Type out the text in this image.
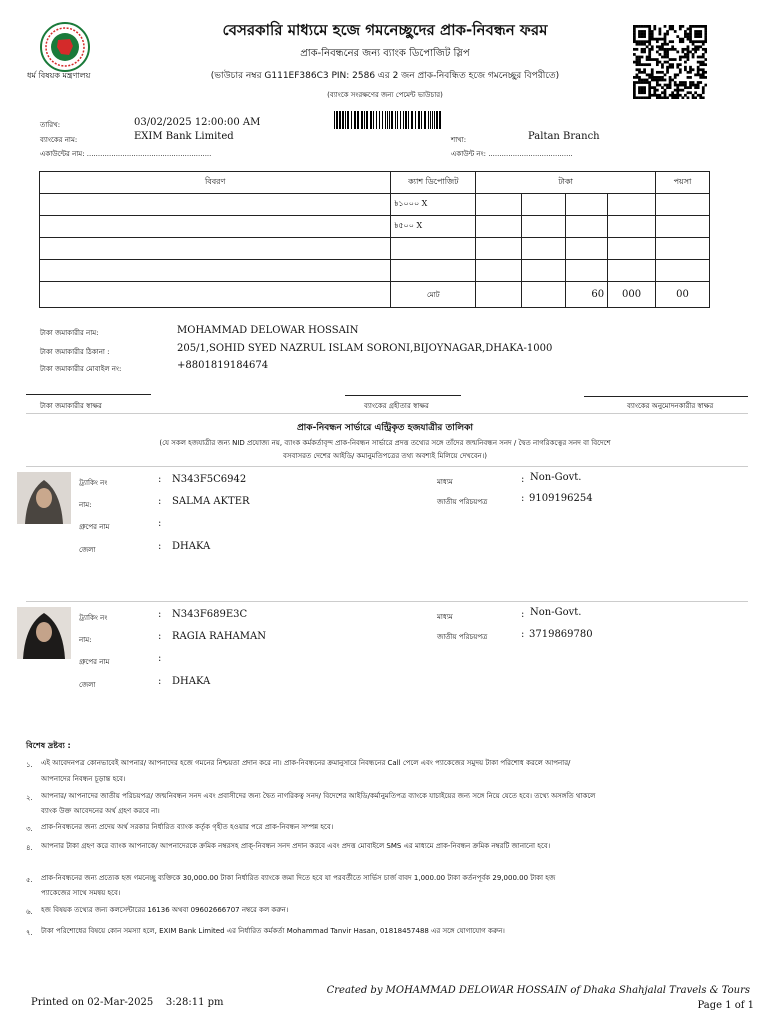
ধর্ম বিষয়ক মন্ত্রণালয়
বেসরকারি মাধ্যমে হজে গমনেচ্ছুদের প্রাক-নিবন্ধন ফরম
প্রাক-নিবন্ধনের জন্য ব্যাংক ডিপোজিট স্লিপ
(ভাউচার নম্বর G111EF386C3 PIN: 2586 এর 2 জন প্রাক-নিবন্ধিত হজে গমনেচ্ছুর বিপরীতে)
(ব্যাংকে সংরক্ষণের জন্য পেমেন্ট ভাউচার)
তারিখ:	03/02/2025 12:00:00 AM
ব্যাংকের নাম:	EXIM Bank Limited	শাখা:	Paltan Branch
একাউন্টের নাম: ........................................................	একাউন্ট নং: ......................................
বিবরণ	ক্যাশ ডিপোজিট	টাকা				পয়সা
	৳১০০০ X					
	৳৫০০ X					

	মোট			60	000	00
টাকা জমাকারীর নাম:	MOHAMMAD DELOWAR HOSSAIN
টাকা জমাকারীর ঠিকানা :	205/1,SOHID SYED NAZRUL ISLAM SORONI,BIJOYNAGAR,DHAKA-1000
টাকা জমাকারীর মোবাইল নং:	+8801819184674
টাকা জমাকারীর স্বাক্ষর	ব্যাংকের গ্রহীতার স্বাক্ষর	ব্যাংকের অনুমোদনকারীর স্বাক্ষর
প্রাক-নিবন্ধন সার্ভারে এন্ট্রিকৃত হজযাত্রীর তালিকা
(যে সকল হজযাত্রীর জন্য NID প্রযোজ্য নয়, ব্যাংক কর্মকর্তাবৃন্দ প্রাক-নিবন্ধন সার্ভারে প্রদত্ত তথ্যের সঙ্গে তাঁদের জন্মনিবন্ধন সনদ / দ্বৈত নাগরিকত্বের সনদ বা বিদেশে
বসবাসরত দেশের আইডি/ কমানুমতিপত্রের তথ্য অবশ্যই মিলিয়ে দেখবেন।)
ট্র্যাকিং নং	: N343F5C6942
নাম:	: SALMA AKTER
গ্রুপের নাম	:
জেলা	: DHAKA
মাধ্যম	: Non-Govt.
জাতীয় পরিচয়পত্র	: 9109196254
ট্র্যাকিং নং	: N343F689E3C
নাম:	: RAGIA RAHAMAN
গ্রুপের নাম	:
জেলা	: DHAKA
মাধ্যম	: Non-Govt.
জাতীয় পরিচয়পত্র	: 3719869780
বিশেষ দ্রষ্টব্য :
১. এই আবেদনপত্র কোনভাবেই আপনার/ আপনাদের হজে গমনের নিশ্চয়তা প্রদান করে না। প্রাক-নিবন্ধনের ক্রমানুসারে নিবন্ধনের Call পেলে এবং প্যাকেজের সমুদয় টাকা পরিশোধ করলে আপনার/
আপনাদের নিবন্ধন চূড়ান্ত হবে।
২. আপনার/ আপনাদের জাতীয় পরিচয়পত্র/ জন্মনিবন্ধন সনদ এবং প্রবাসীদের জন্য দ্বৈত নাগরিকত্ব সনদ/ বিদেশের আইডি/কর্মানুমতিপত্র ব্যাংকে যাচাইয়ের জন্য সঙ্গে নিয়ে যেতে হবে। তথ্যে অসঙ্গতি থাকলে
ব্যাংক উক্ত আবেদনের অর্থ গ্রহণ করবে না।
৩. প্রাক-নিবন্ধনের জন্য প্রদেয় অর্থ সরকার নির্ধারিত ব্যাংক কর্তৃক গৃহীত হওয়ার পরে প্রাক-নিবন্ধন সম্পন্ন হবে।
৪. আপনার টাকা গ্রহণ করে ব্যাংক আপনাকে/ আপনাদেরকে ক্রমিক নম্বরসহ প্রাক্-নিবন্ধন সনদ প্রদান করবে এবং প্রদত্ত মোবাইলে SMS এর মাধ্যমে প্রাক-নিবন্ধন ক্রমিক নম্বরটি জানানো হবে।
৫. প্রাক-নিবন্ধনের জন্য প্রত্যেক হজ গমনেচ্ছু ব্যক্তিকে 30,000.00 টাকা নির্ধারিত ব্যাংকে জমা দিতে হবে যা পরবর্তীতে সার্ভিস চার্জ বাবদ 1,000.00 টাকা কর্তনপূর্বক 29,000.00 টাকা হজ
প্যাকেজের সাথে সমন্বয় হবে।
৬. হজ বিষয়ক তথ্যের জন্য কলসেন্টারের 16136 অথবা 09602666707 নম্বরে কল করুন।
৭. টাকা পরিশোধের বিষয়ে কোন সমস্যা হলে, EXIM Bank Limited এর নির্ধারিত কর্মকর্তা Mohammad Tanvir Hasan, 01818457488 এর সঙ্গে যোগাযোগ করুন।
Created by MOHAMMAD DELOWAR HOSSAIN of Dhaka Shahjalal Travels & Tours
Printed on 02-Mar-2025    3:28:11 pm	Page 1 of 1
